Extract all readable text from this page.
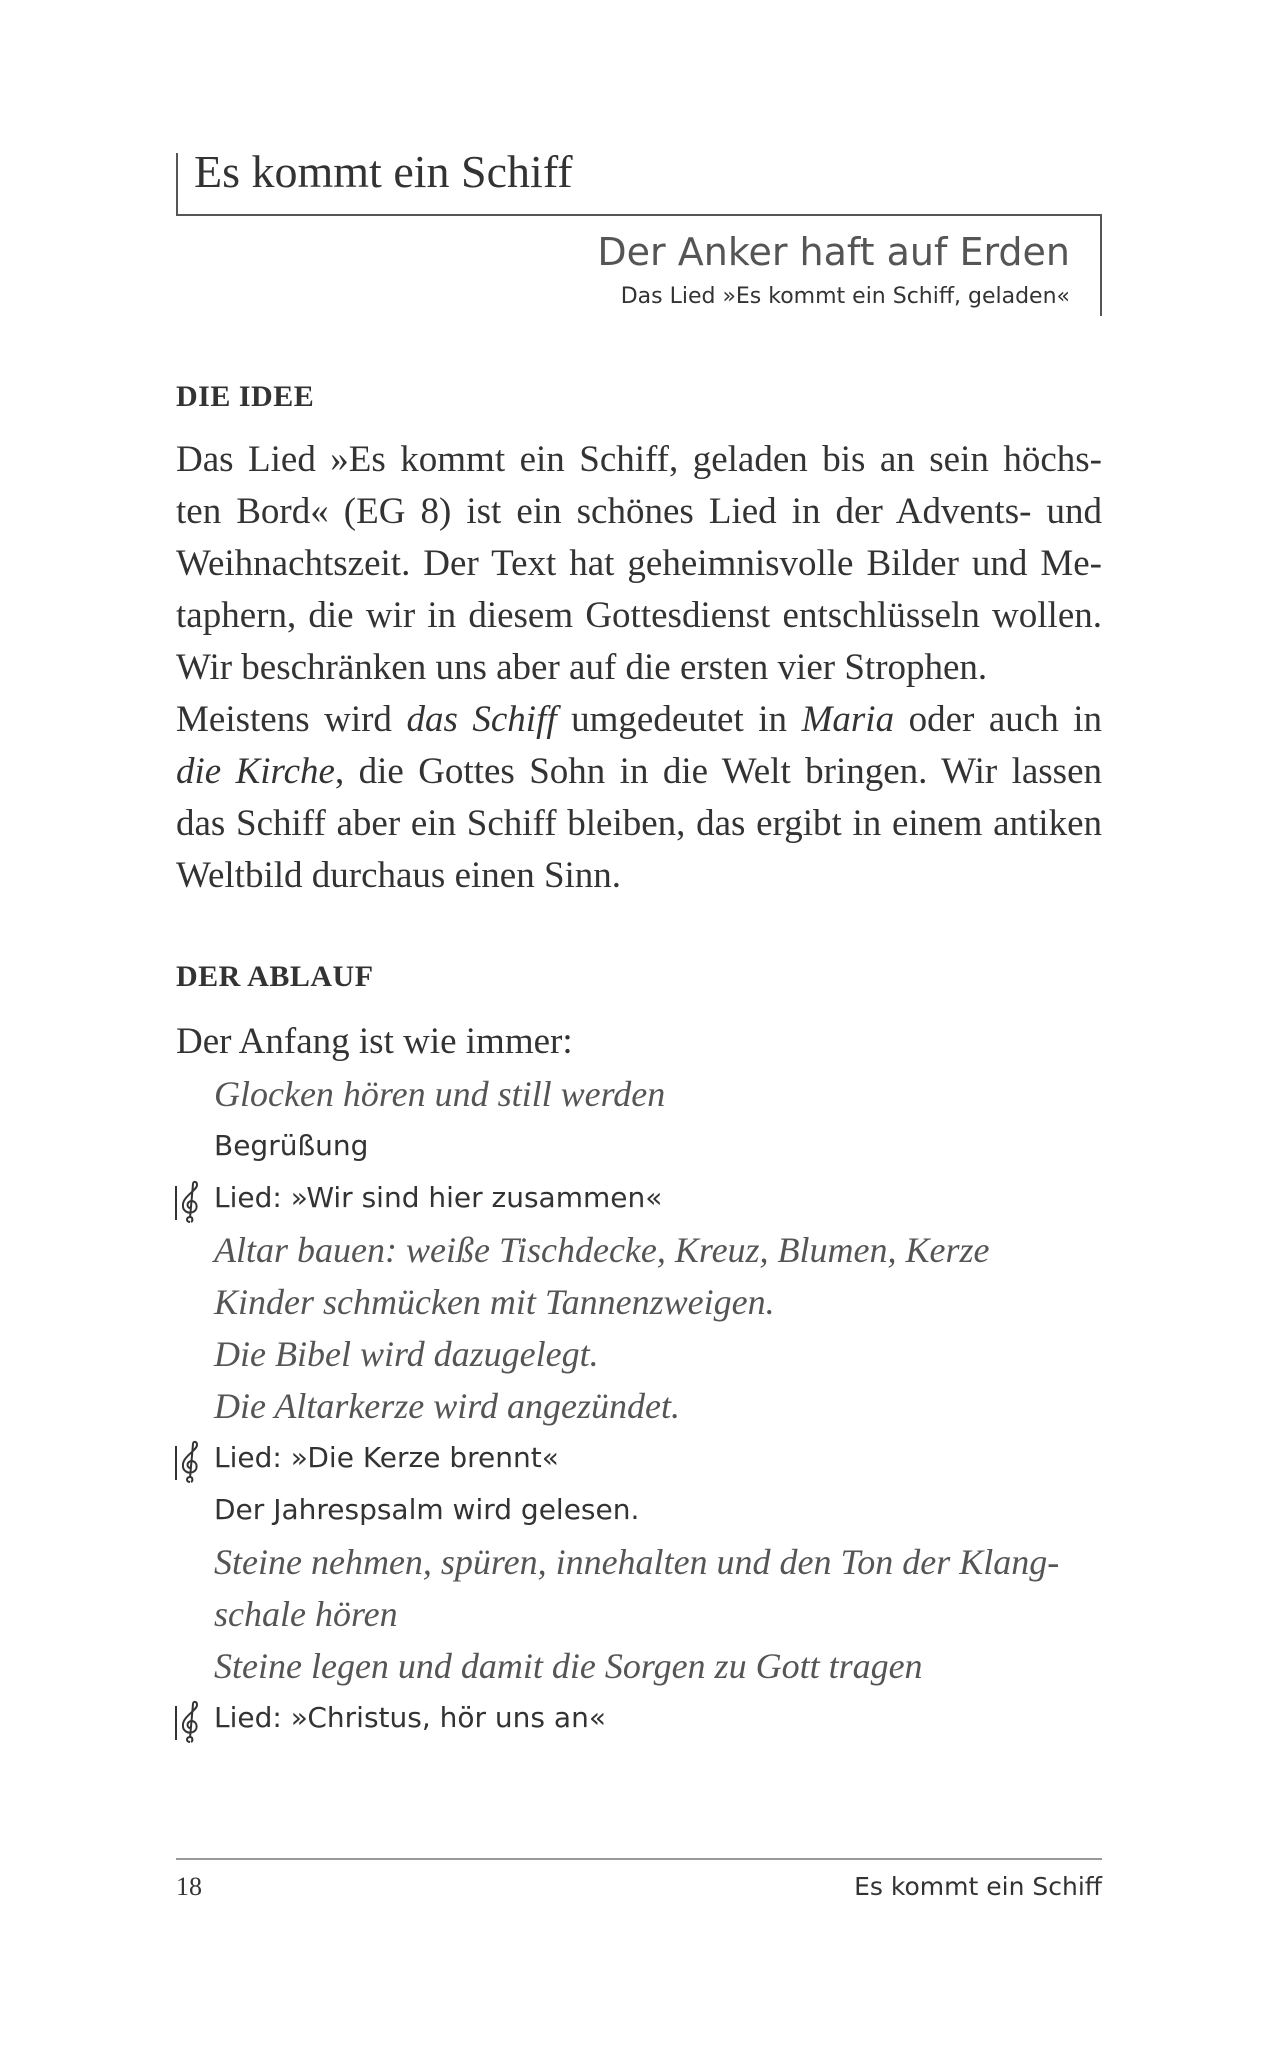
Es kommt ein Schiff
Der Anker haft auf Erden
Das Lied »Es kommt ein Schiff, geladen«
DIE IDEE
Das Lied »Es kommt ein Schiff, geladen bis an sein höchs-
ten Bord« (EG 8) ist ein schönes Lied in der Advents- und
Weihnachtszeit. Der Text hat geheimnisvolle Bilder und Me-
taphern, die wir in diesem Gottesdienst entschlüsseln wollen.
Wir beschränken uns aber auf die ersten vier Strophen.
Meistens wird das Schiff umgedeutet in Maria oder auch in
die Kirche, die Gottes Sohn in die Welt bringen. Wir lassen
das Schiff aber ein Schiff bleiben, das ergibt in einem antiken
Weltbild durchaus einen Sinn.
DER ABLAUF
Der Anfang ist wie immer:
Glocken hören und still werden
Begrüßung
Lied: »Wir sind hier zusammen«
Altar bauen: weiße Tischdecke, Kreuz, Blumen, Kerze
Kinder schmücken mit Tannenzweigen.
Die Bibel wird dazugelegt.
Die Altarkerze wird angezündet.
Lied: »Die Kerze brennt«
Der Jahrespsalm wird gelesen.
Steine nehmen, spüren, innehalten und den Ton der Klang-
schale hören
Steine legen und damit die Sorgen zu Gott tragen
Lied: »Christus, hör uns an«
18	Es kommt ein Schiff
